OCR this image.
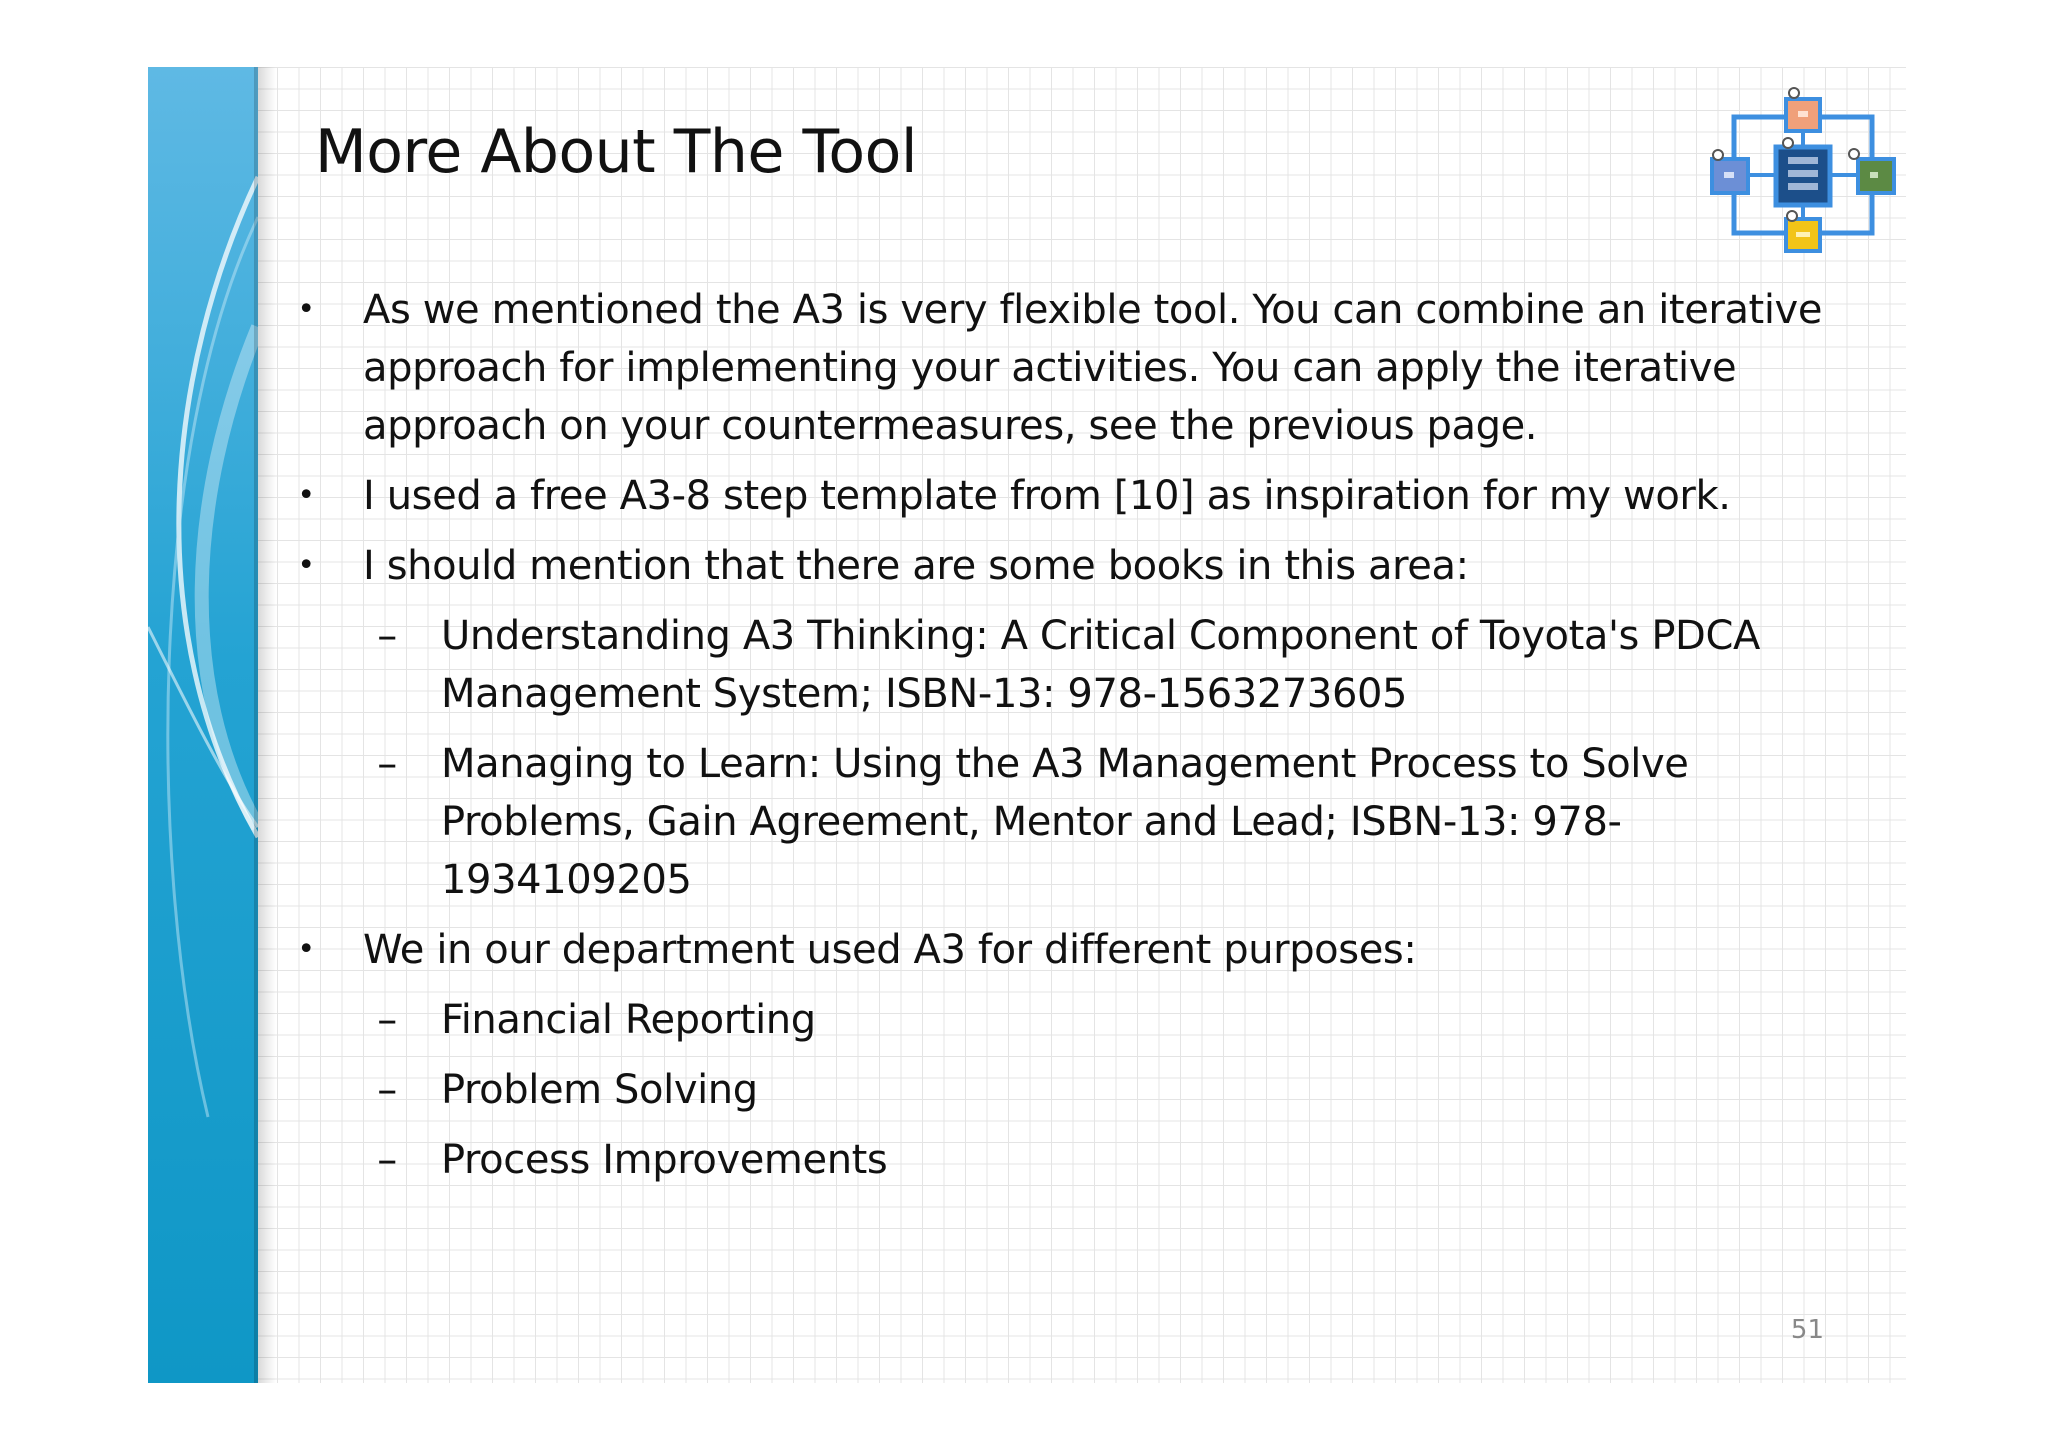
More About The Tool
• As we mentioned the A3 is very flexible tool. You can combine an iterative approach for implementing your activities. You can apply the iterative approach on your countermeasures, see the previous page.
• I used a free A3-8 step template from [10] as inspiration for my work.
• I should mention that there are some books in this area:
– Understanding A3 Thinking: A Critical Component of Toyota's PDCA Management System; ISBN-13: 978-1563273605
– Managing to Learn: Using the A3 Management Process to Solve Problems, Gain Agreement, Mentor and Lead; ISBN-13: 978-1934109205
• We in our department used A3 for different purposes:
– Financial Reporting
– Problem Solving
– Process Improvements
51
